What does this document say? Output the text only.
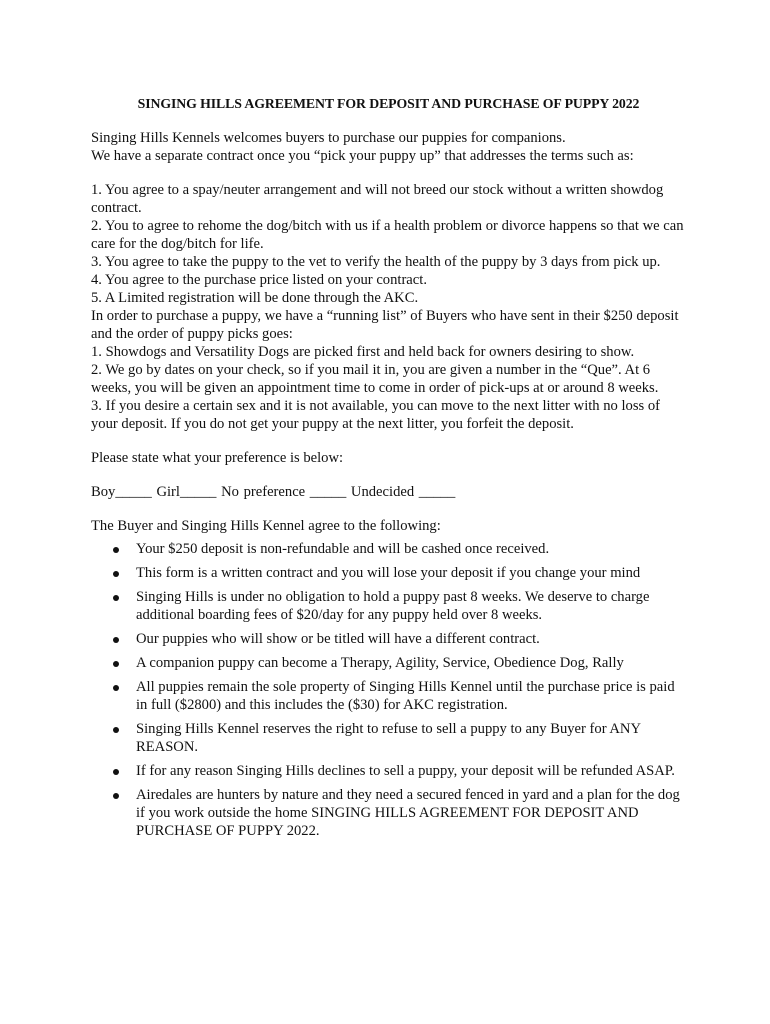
SINGING HILLS AGREEMENT FOR DEPOSIT AND PURCHASE OF PUPPY 2022

Singing Hills Kennels welcomes buyers to purchase our puppies for companions.

We have a separate contract once you “pick your puppy up” that addresses the terms such as:

1. You agree to a spay/neuter arrangement and will not breed our stock without a written showdog contract.

2. You to agree to rehome the dog/bitch with us if a health problem or divorce happens so that we can care for the dog/bitch for life.

3. You agree to take the puppy to the vet to verify the health of the puppy by 3 days from pick up.

4. You agree to the purchase price listed on your contract.

5. A Limited registration will be done through the AKC.

In order to purchase a puppy, we have a “running list” of Buyers who have sent in their $250 deposit and the order of puppy picks goes:

1. Showdogs and Versatility Dogs are picked first and held back for owners desiring to show.

2. We go by dates on your check, so if you mail it in, you are given a number in the “Que”. At 6 weeks, you will be given an appointment time to come in order of pick-ups at or around 8 weeks.

3. If you desire a certain sex and it is not available, you can move to the next litter with no loss of your deposit. If you do not get your puppy at the next litter, you forfeit the deposit.

Please state what your preference is below:

Boy_____ Girl_____ No preference _____ Undecided _____

The Buyer and Singing Hills Kennel agree to the following:

Your $250 deposit is non-refundable and will be cashed once received.
This form is a written contract and you will lose your deposit if you change your mind
Singing Hills is under no obligation to hold a puppy past 8 weeks. We deserve to charge additional boarding fees of $20/day for any puppy held over 8 weeks.
Our puppies who will show or be titled will have a different contract.
A companion puppy can become a Therapy, Agility, Service, Obedience Dog, Rally
All puppies remain the sole property of Singing Hills Kennel until the purchase price is paid in full ($2800) and this includes the ($30) for AKC registration.
Singing Hills Kennel reserves the right to refuse to sell a puppy to any Buyer for ANY REASON.
If for any reason Singing Hills declines to sell a puppy, your deposit will be refunded ASAP.
Airedales are hunters by nature and they need a secured fenced in yard and a plan for the dog if you work outside the home SINGING HILLS AGREEMENT FOR DEPOSIT AND PURCHASE OF PUPPY 2022.
